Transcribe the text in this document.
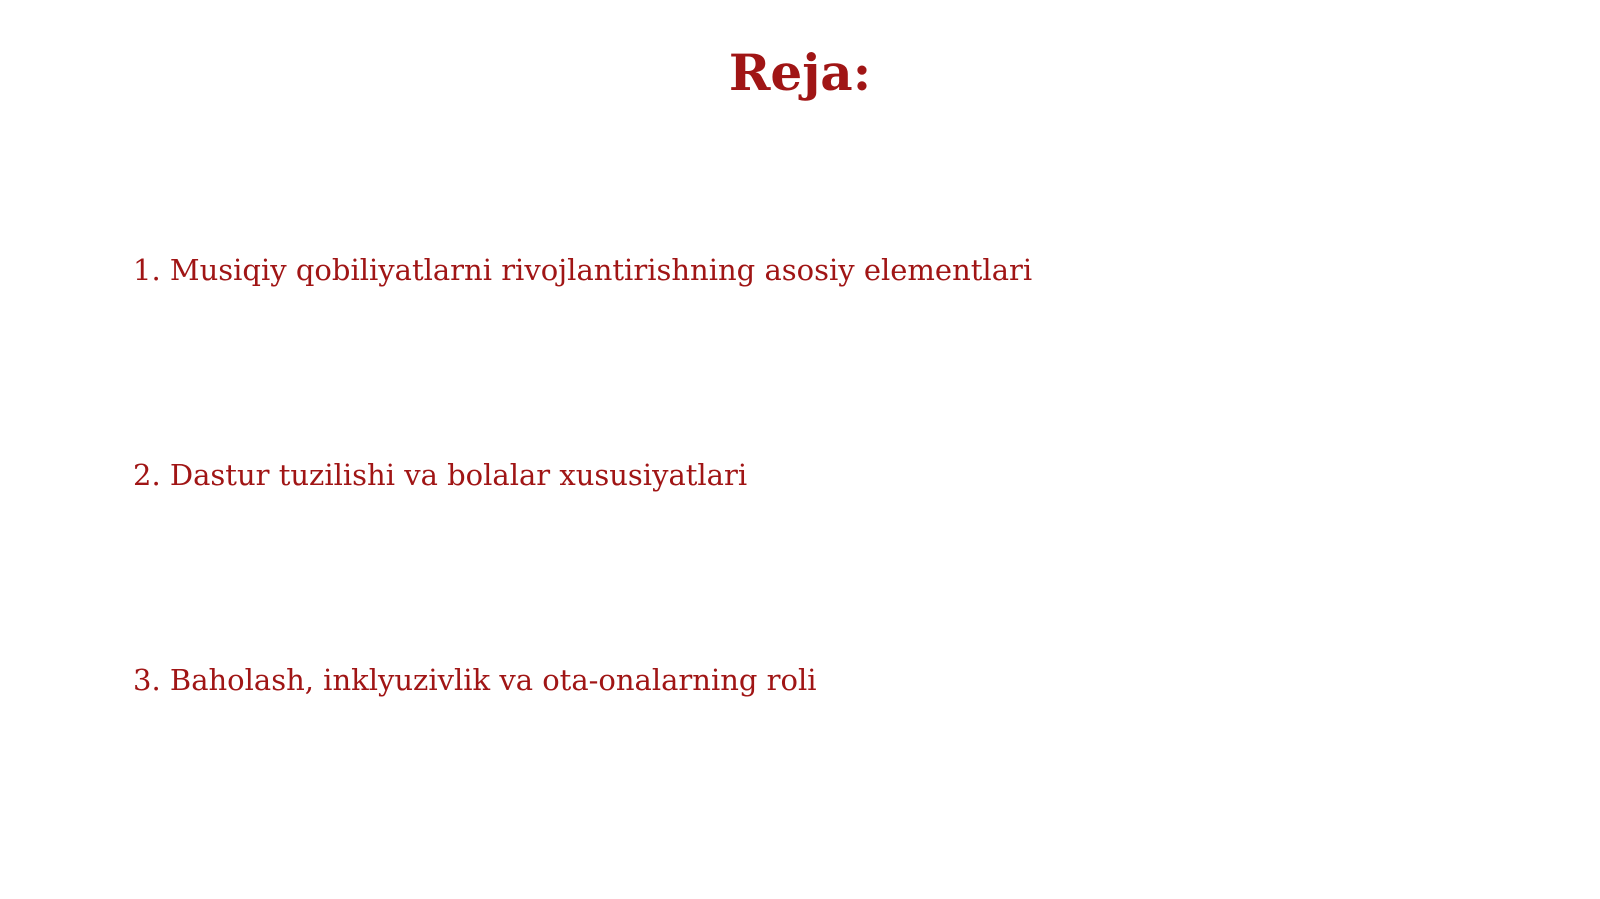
Reja:
1. Musiqiy qobiliyatlarni rivojlantirishning asosiy elementlari
2. Dastur tuzilishi va bolalar xususiyatlari
3. Baholash, inklyuzivlik va ota-onalarning roli
